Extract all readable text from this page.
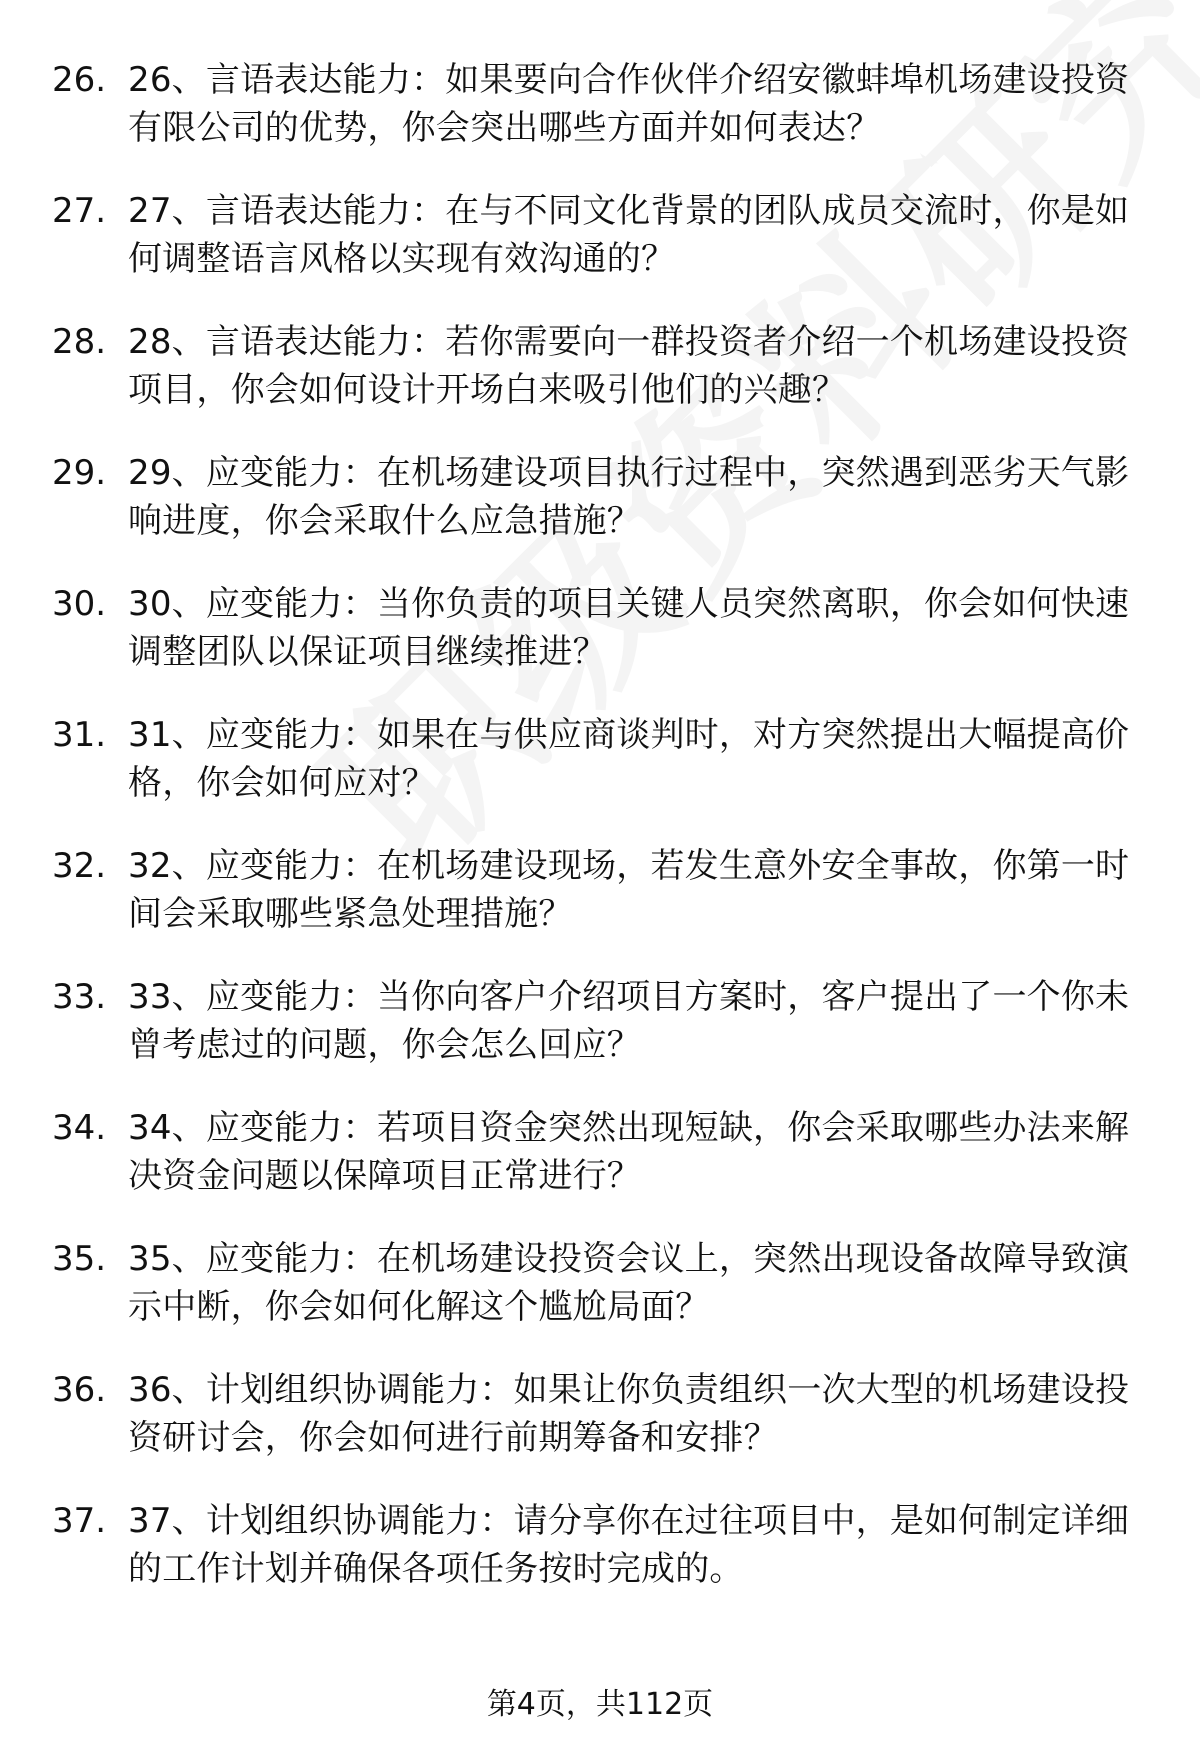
26. 26、言语表达能力：如果要向合作伙伴介绍安徽蚌埠机场建设投资有限公司的优势，你会突出哪些方面并如何表达？
27. 27、言语表达能力：在与不同文化背景的团队成员交流时，你是如何调整语言风格以实现有效沟通的？
28. 28、言语表达能力：若你需要向一群投资者介绍一个机场建设投资项目，你会如何设计开场白来吸引他们的兴趣？
29. 29、应变能力：在机场建设项目执行过程中，突然遇到恶劣天气影响进度，你会采取什么应急措施？
30. 30、应变能力：当你负责的项目关键人员突然离职，你会如何快速调整团队以保证项目继续推进？
31. 31、应变能力：如果在与供应商谈判时，对方突然提出大幅提高价格，你会如何应对？
32. 32、应变能力：在机场建设现场，若发生意外安全事故，你第一时间会采取哪些紧急处理措施？
33. 33、应变能力：当你向客户介绍项目方案时，客户提出了一个你未曾考虑过的问题，你会怎么回应？
34. 34、应变能力：若项目资金突然出现短缺，你会采取哪些办法来解决资金问题以保障项目正常进行？
35. 35、应变能力：在机场建设投资会议上，突然出现设备故障导致演示中断，你会如何化解这个尴尬局面？
36. 36、计划组织协调能力：如果让你负责组织一次大型的机场建设投资研讨会，你会如何进行前期筹备和安排？
37. 37、计划组织协调能力：请分享你在过往项目中，是如何制定详细的工作计划并确保各项任务按时完成的。
第4页，共112页
